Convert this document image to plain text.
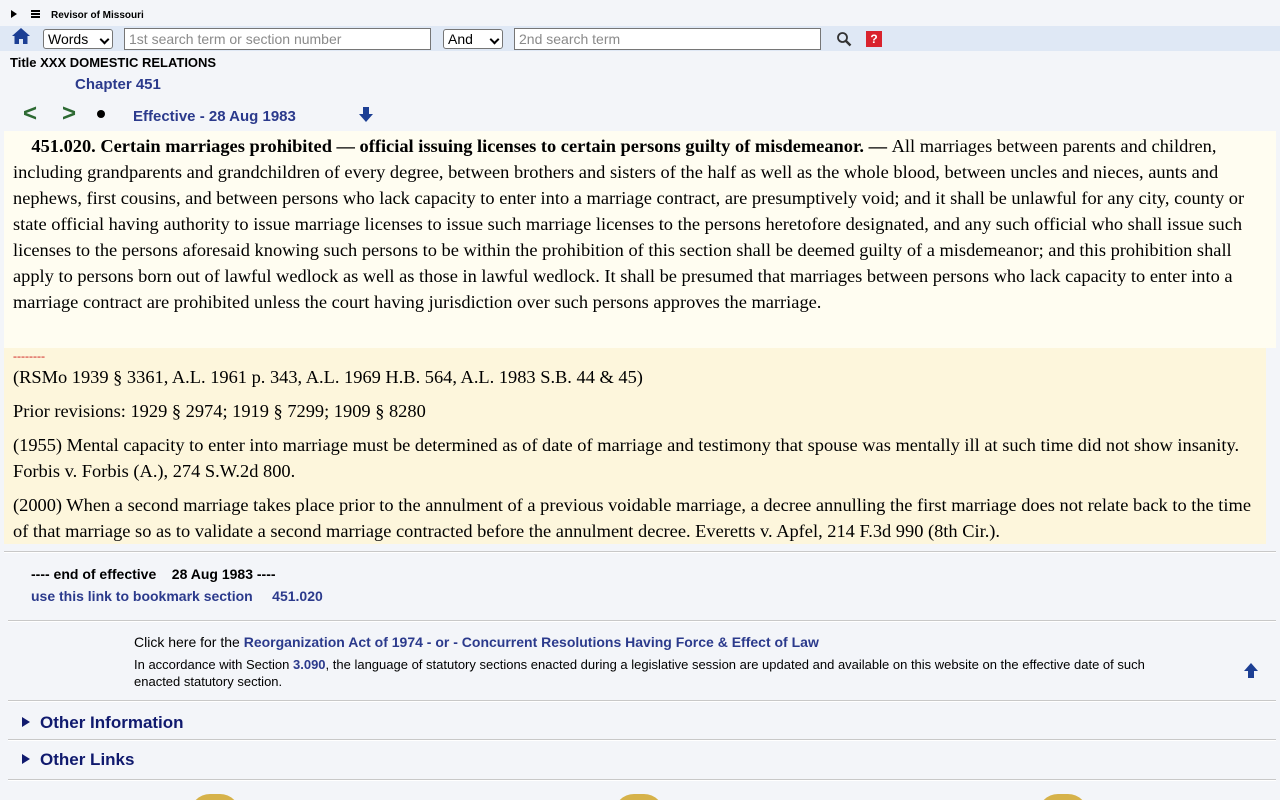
Revisor of Missouri
Words
1st search term or section number	And
2nd search term	?
Title XXX DOMESTIC RELATIONS
Chapter 451
< >	Effective - 28 Aug 1983

451.020. Certain marriages prohibited — official issuing licenses to certain persons guilty of misdemeanor. — All marriages between parents and children, including grandparents and grandchildren of every degree, between brothers and sisters of the half as well as the whole blood, between uncles and nieces, aunts and nephews, first cousins, and between persons who lack capacity to enter into a marriage contract, are presumptively void; and it shall be unlawful for any city, county or state official having authority to issue marriage licenses to issue such marriage licenses to the persons heretofore designated, and any such official who shall issue such licenses to the persons aforesaid knowing such persons to be within the prohibition of this section shall be deemed guilty of a misdemeanor; and this prohibition shall apply to persons born out of lawful wedlock as well as those in lawful wedlock. It shall be presumed that marriages between persons who lack capacity to enter into a marriage contract are prohibited unless the court having jurisdiction over such persons approves the marriage.

--------

(RSMo 1939 § 3361, A.L. 1961 p. 343, A.L. 1969 H.B. 564, A.L. 1983 S.B. 44 & 45)

Prior revisions: 1929 § 2974; 1919 § 7299; 1909 § 8280

(1955) Mental capacity to enter into marriage must be determined as of date of marriage and testimony that spouse was mentally ill at such time did not show insanity. Forbis v. Forbis (A.), 274 S.W.2d 800.

(2000) When a second marriage takes place prior to the annulment of a previous voidable marriage, a decree annulling the first marriage does not relate back to the time of that marriage so as to validate a second marriage contracted before the annulment decree. Everetts v. Apfel, 214 F.3d 990 (8th Cir.).

---- end of effective 28 Aug 1983 ----
use this link to bookmark section 451.020
Click here for the Reorganization Act of 1974 - or - Concurrent Resolutions Having Force & Effect of Law
In accordance with Section 3.090, the language of statutory sections enacted during a legislative session are updated and available on this website on the effective date of such enacted statutory section.
Other Information
Other Links
